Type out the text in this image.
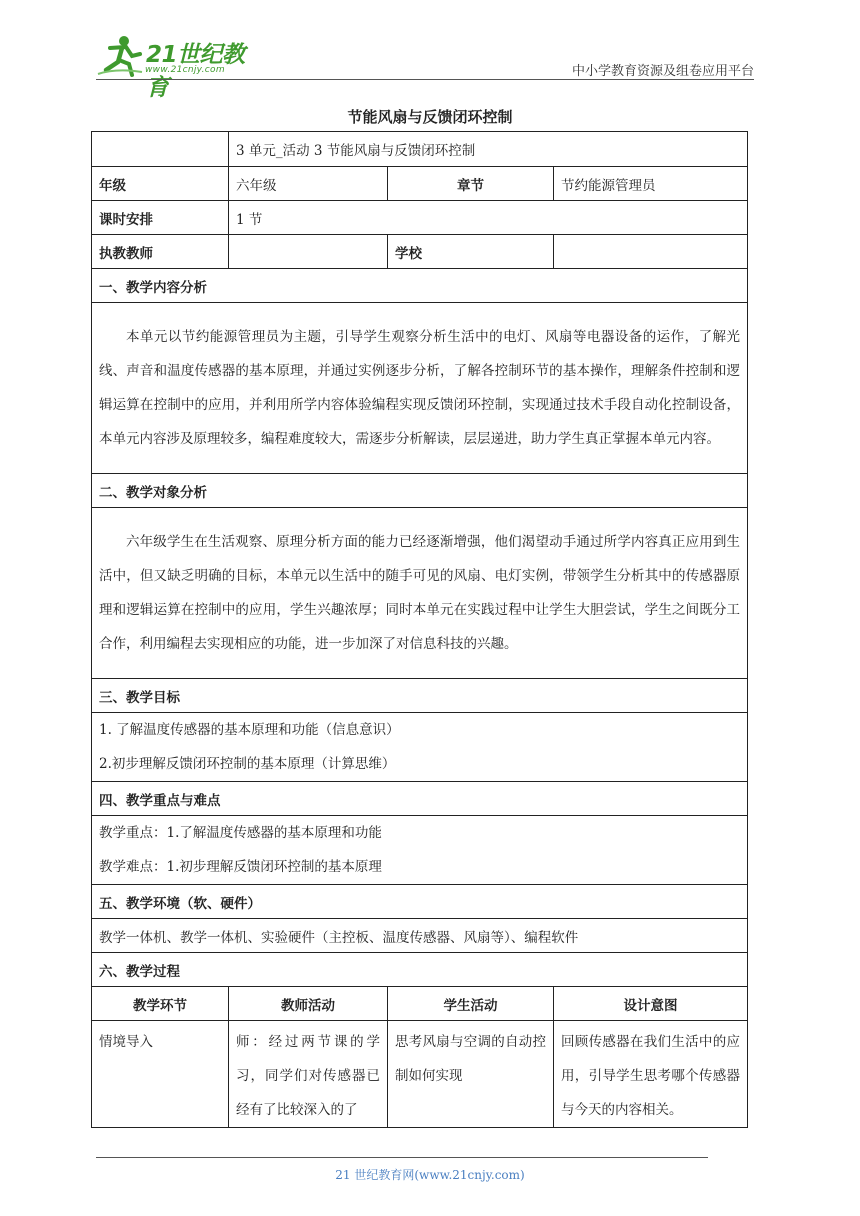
21世纪教育
www.21cnjy.com	中小学教育资源及组卷应用平台
节能风扇与反馈闭环控制
	3 单元_活动 3 节能风扇与反馈闭环控制		
年级	六年级	章节	节约能源管理员
课时安排	1 节		
执教教师		学校	
一、教学内容分析			
本单元以节约能源管理员为主题，引导学生观察分析生活中的电灯、风扇等电器设备的运作，了解光线、声音和温度传感器的基本原理，并通过实例逐步分析，了解各控制环节的基本操作，理解条件控制和逻辑运算在控制中的应用，并利用所学内容体验编程实现反馈闭环控制，实现通过技术手段自动化控制设备，本单元内容涉及原理较多，编程难度较大，需逐步分析解读，层层递进，助力学生真正掌握本单元内容。			
二、教学对象分析			
六年级学生在生活观察、原理分析方面的能力已经逐渐增强，他们渴望动手通过所学内容真正应用到生活中，但又缺乏明确的目标，本单元以生活中的随手可见的风扇、电灯实例，带领学生分析其中的传感器原理和逻辑运算在控制中的应用，学生兴趣浓厚；同时本单元在实践过程中让学生大胆尝试，学生之间既分工合作，利用编程去实现相应的功能，进一步加深了对信息科技的兴趣。			
三、教学目标			

1. 了解温度传感器的基本原理和功能（信息意识）
2.初步理解反馈闭环控制的基本原理（计算思维）			

四、教学重点与难点			

教学重点：1.了解温度传感器的基本原理和功能
教学难点：1.初步理解反馈闭环控制的基本原理			

五、教学环境（软、硬件）			
教学一体机、教学一体机、实验硬件（主控板、温度传感器、风扇等）、编程软件			
六、教学过程			
教学环节	教师活动	学生活动	设计意图
情境导入	师：经过两节课的学习，同学们对传感器已经有了比较深入的了	思考风扇与空调的自动控制如何实现	回顾传感器在我们生活中的应用，引导学生思考哪个传感器与今天的内容相关。
21 世纪教育网(www.21cnjy.com)
